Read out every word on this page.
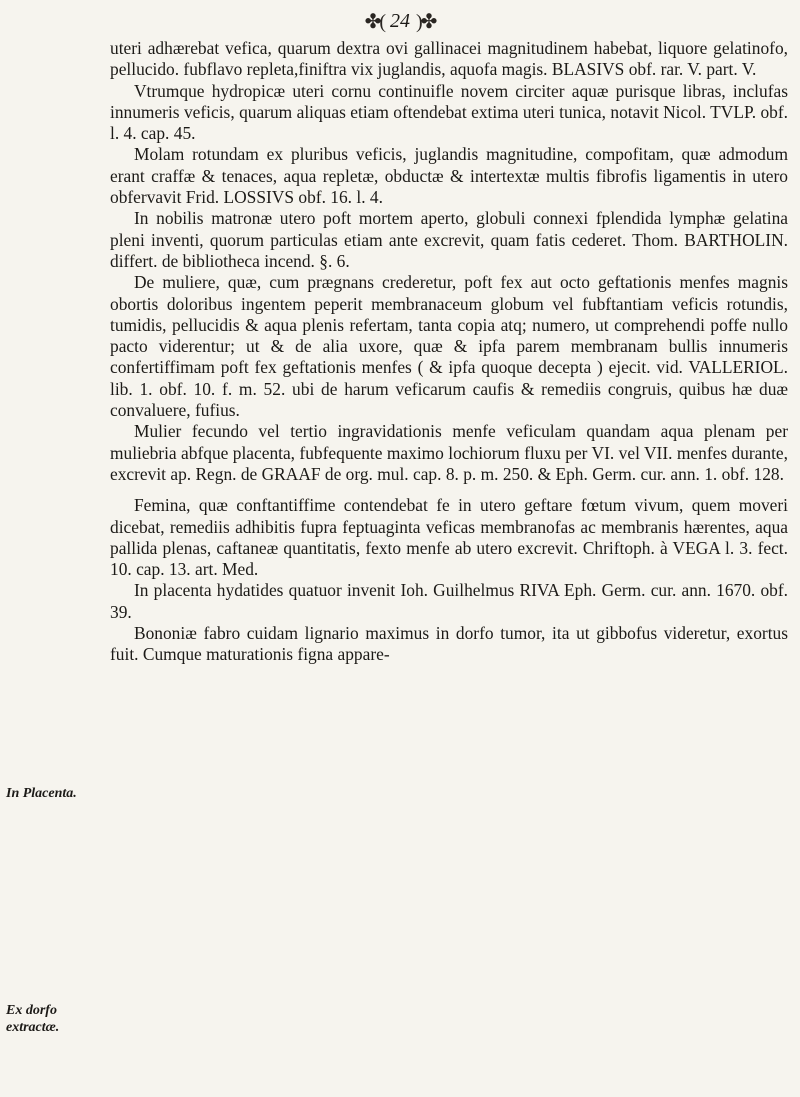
✤( 24 )✤

uteri adhærebat vefica, quarum dextra ovi gallinacei magnitudinem habebat, liquore gelatinofo, pellucido. fubflavo repleta,finiftra vix juglandis, aquofa magis. BLASIVS obf. rar. V. part. V.

Vtrumque hydropicæ uteri cornu continuifle novem circiter aquæ purisque libras, inclufas innumeris veficis, quarum aliquas etiam oftendebat extima uteri tunica, notavit Nicol. TVLP. obf. l. 4. cap. 45.

Molam rotundam ex pluribus veficis, juglandis magnitudine, compofitam, quæ admodum erant craffæ & tenaces, aqua repletæ, obductæ & intertextæ multis fibrofis ligamentis in utero obfervavit Frid. LOSSIVS obf. 16. l. 4.

In nobilis matronæ utero poft mortem aperto, globuli connexi fplendida lymphæ gelatina pleni inventi, quorum particulas etiam ante excrevit, quam fatis cederet. Thom. BARTHOLIN. differt. de bibliotheca incend. §. 6.

De muliere, quæ, cum prægnans crederetur, poft fex aut octo geftationis menfes magnis obortis doloribus ingentem peperit membranaceum globum vel fubftantiam veficis rotundis, tumidis, pellucidis & aqua plenis refertam, tanta copia atq; numero, ut comprehendi poffe nullo pacto viderentur; ut & de alia uxore, quæ & ipfa parem membranam bullis innumeris confertiffimam poft fex geftationis menfes ( & ipfa quoque decepta ) ejecit. vid. VALLERIOL. lib. 1. obf. 10. f. m. 52. ubi de harum veficarum caufis & remediis congruis, quibus hæ duæ convaluere, fufius.

Mulier fecundo vel tertio ingravidationis menfe veficulam quandam aqua plenam per muliebria abfque placenta, fubfequente maximo lochiorum fluxu per VI. vel VII. menfes durante, excrevit ap. Regn. de GRAAF de org. mul. cap. 8. p. m. 250. & Eph. Germ. cur. ann. 1. obf. 128.

Femina, quæ conftantiffime contendebat fe in utero geftare fœtum vivum, quem moveri dicebat, remediis adhibitis fupra feptuaginta veficas membranofas ac membranis hærentes, aqua pallida plenas, caftaneæ quantitatis, fexto menfe ab utero excrevit. Chriftoph. à VEGA l. 3. fect. 10. cap. 13. art. Med.

In placenta hydatides quatuor invenit Ioh. Guilhelmus RIVA Eph. Germ. cur. ann. 1670. obf. 39.

Bononiæ fabro cuidam lignario maximus in dorfo tumor, ita ut gibbofus videretur, exortus fuit. Cumque maturationis figna appare-

In Placenta.
Ex dorfo extractæ.
